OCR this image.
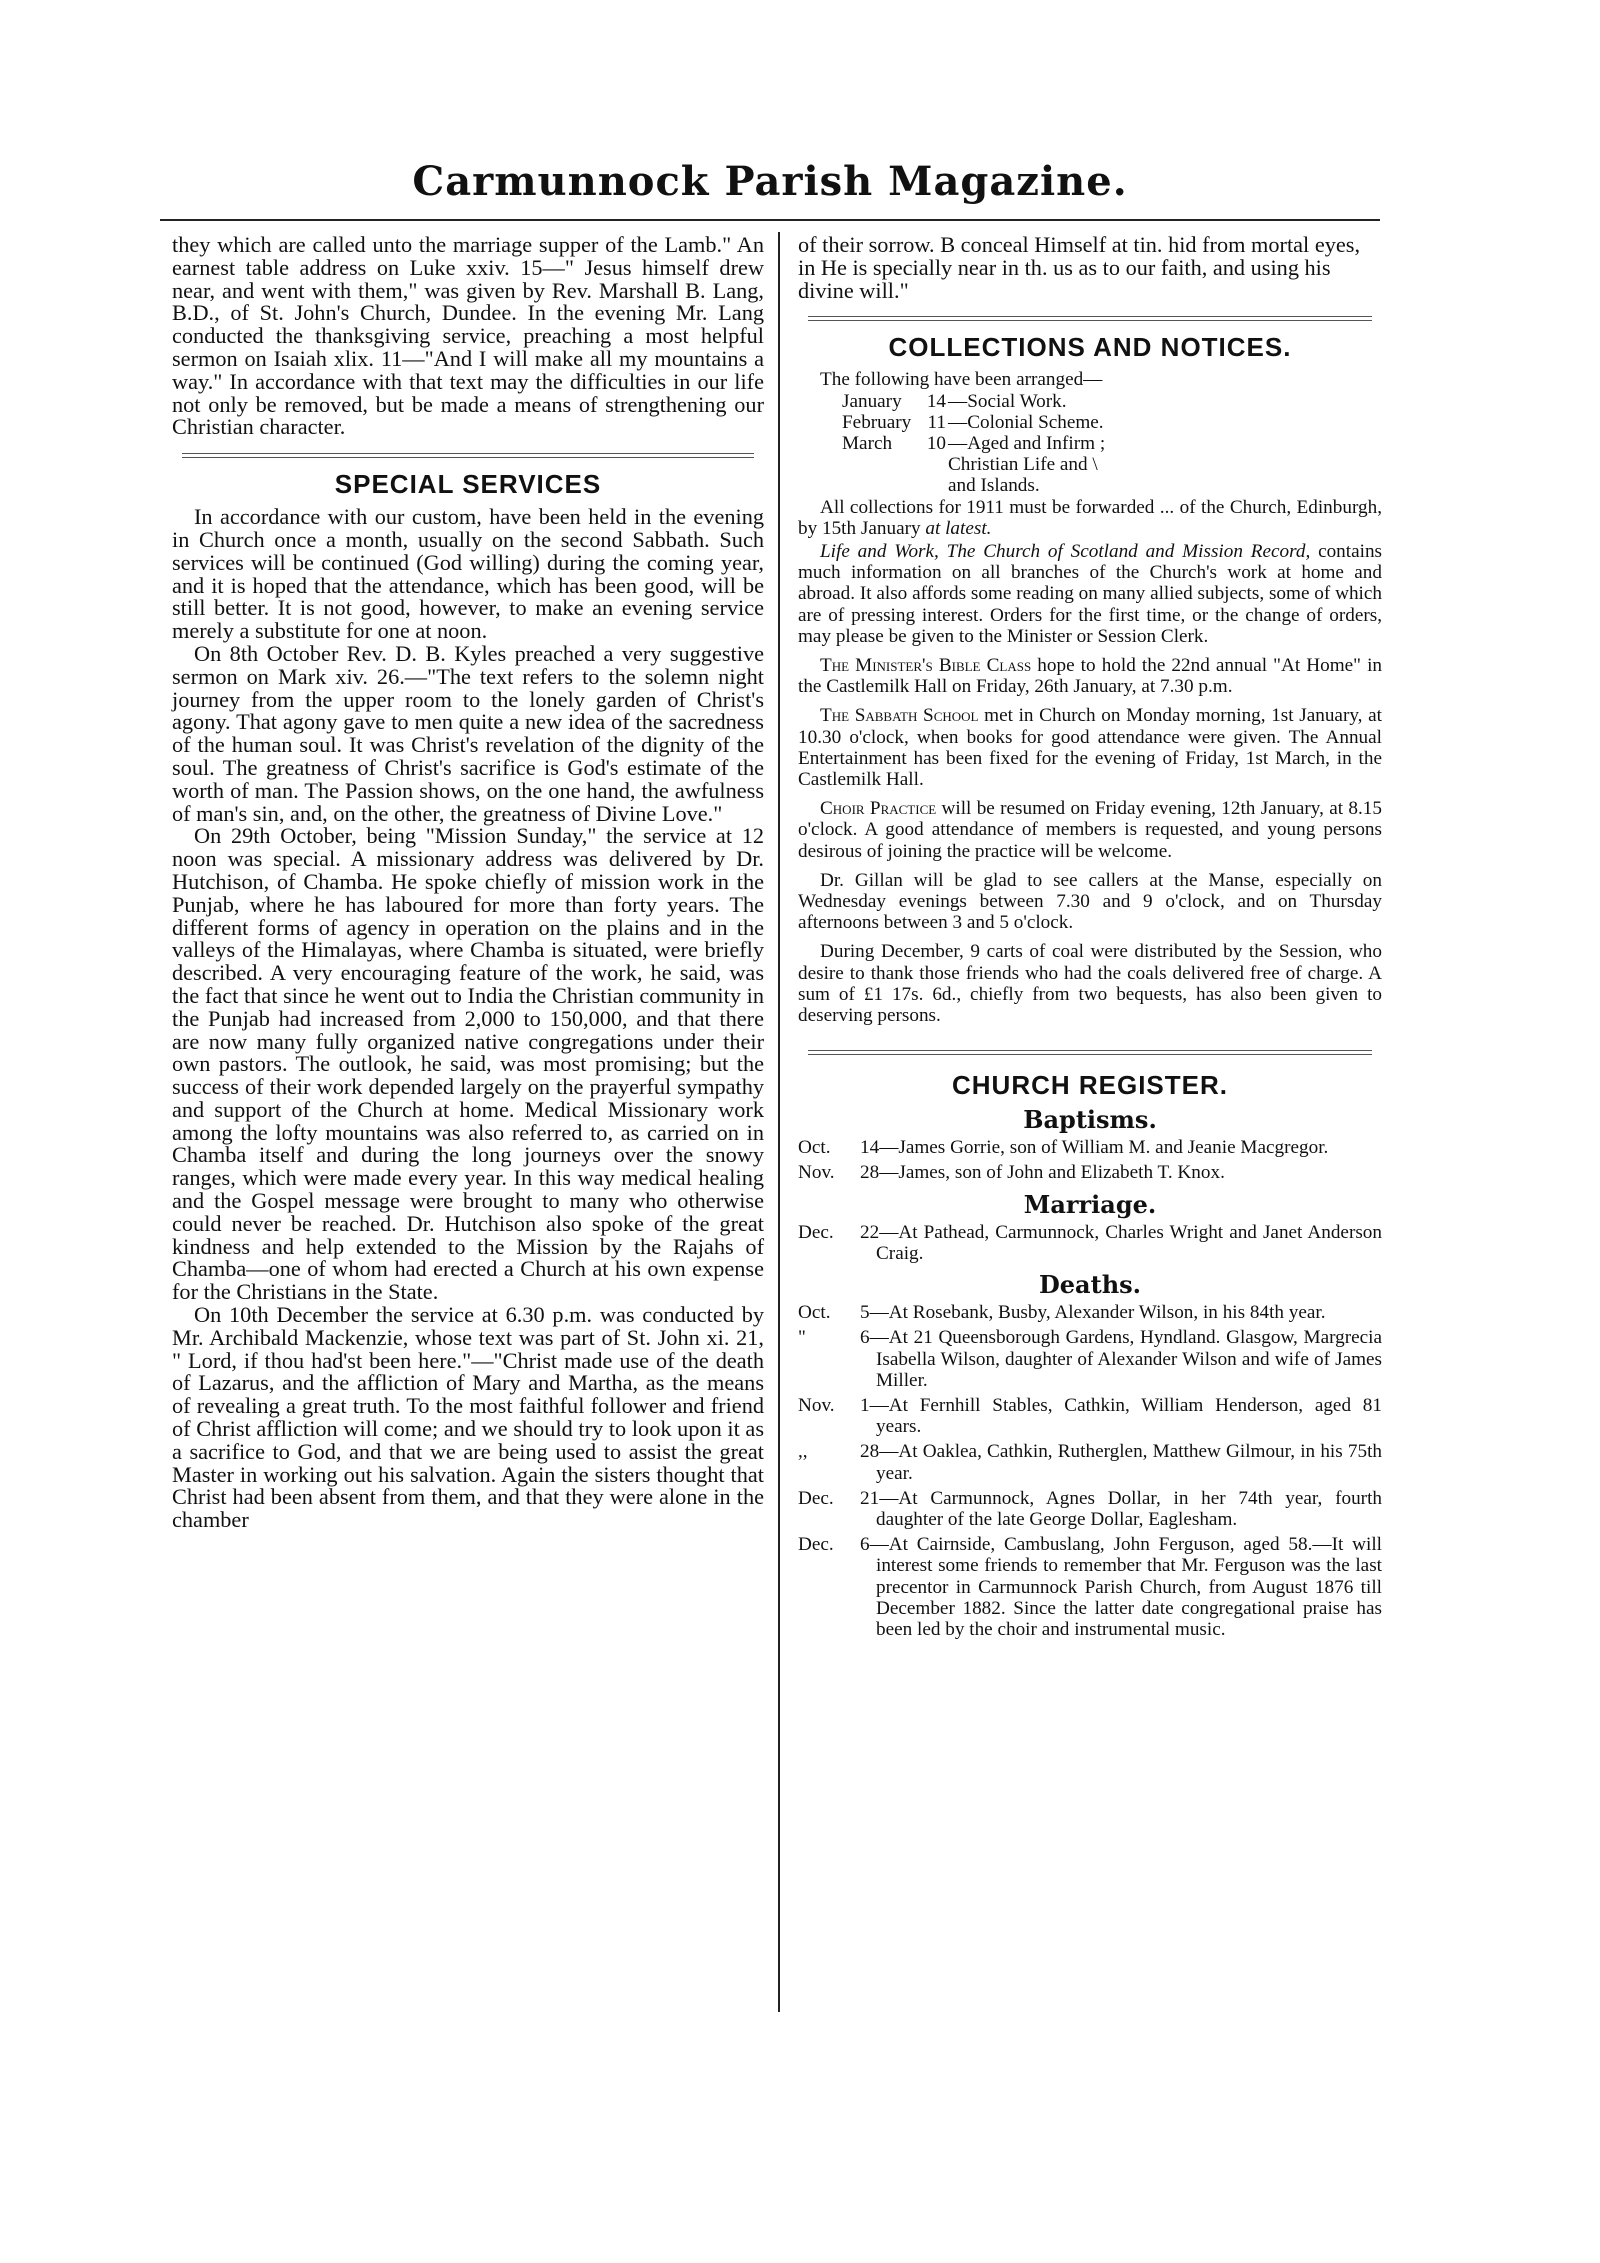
Carmunnock Parish Magazine.

they which are called unto the marriage supper of the Lamb." An earnest table address on Luke xxiv. 15—" Jesus himself drew near, and went with them," was given by Rev. Marshall B. Lang, B.D., of St. John's Church, Dundee. In the evening Mr. Lang conducted the thanksgiving service, preaching a most helpful sermon on Isaiah xlix. 11—"And I will make all my mountains a way." In accordance with that text may the difficulties in our life not only be removed, but be made a means of strengthening our Christian character.

SPECIAL SERVICES

In accordance with our custom, have been held in the evening in Church once a month, usually on the second Sabbath. Such services will be continued (God willing) during the coming year, and it is hoped that the attendance, which has been good, will be still better. It is not good, however, to make an evening service merely a substitute for one at noon.

On 8th October Rev. D. B. Kyles preached a very suggestive sermon on Mark xiv. 26.—"The text refers to the solemn night journey from the upper room to the lonely garden of Christ's agony. That agony gave to men quite a new idea of the sacredness of the human soul. It was Christ's revelation of the dignity of the soul. The greatness of Christ's sacrifice is God's estimate of the worth of man. The Passion shows, on the one hand, the awfulness of man's sin, and, on the other, the greatness of Divine Love."

On 29th October, being "Mission Sunday," the service at 12 noon was special. A missionary address was delivered by Dr. Hutchison, of Chamba. He spoke chiefly of mission work in the Punjab, where he has laboured for more than forty years. The different forms of agency in operation on the plains and in the valleys of the Himalayas, where Chamba is situated, were briefly described. A very encouraging feature of the work, he said, was the fact that since he went out to India the Christian community in the Punjab had increased from 2,000 to 150,000, and that there are now many fully organized native congregations under their own pastors. The outlook, he said, was most promising; but the success of their work depended largely on the prayerful sympathy and support of the Church at home. Medical Missionary work among the lofty mountains was also referred to, as carried on in Chamba itself and during the long journeys over the snowy ranges, which were made every year. In this way medical healing and the Gospel message were brought to many who otherwise could never be reached. Dr. Hutchison also spoke of the great kindness and help extended to the Mission by the Rajahs of Chamba—one of whom had erected a Church at his own expense for the Christians in the State.

On 10th December the service at 6.30 p.m. was conducted by Mr. Archibald Mackenzie, whose text was part of St. John xi. 21, " Lord, if thou had'st been here."—"Christ made use of the death of Lazarus, and the affliction of Mary and Martha, as the means of revealing a great truth. To the most faithful follower and friend of Christ affliction will come; and we should try to look upon it as a sacrifice to God, and that we are being used to assist the great Master in working out his salvation. Again the sisters thought that Christ had been absent from them, and that they were alone in the chamber

of their sorrow. B conceal Himself at tin. hid from mortal eyes, in He is specially near in th. us as to our faith, and using his divine will."

COLLECTIONS AND NOTICES.

The following have been arranged—

January	14 —Social Work.
February 11 —Colonial Scheme.
March	10 —Aged and Infirm ;
Christian Life and \
and Islands.

All collections for 1911 must be forwarded ... of the Church, Edinburgh, by 15th January at latest.

Life and Work, The Church of Scotland and Mission Record, contains much information on all branches of the Church's work at home and abroad. It also affords some reading on many allied subjects, some of which are of pressing interest. Orders for the first time, or the change of orders, may please be given to the Minister or Session Clerk.

The Minister's Bible Class hope to hold the 22nd annual "At Home" in the Castlemilk Hall on Friday, 26th January, at 7.30 p.m.

The Sabbath School met in Church on Monday morning, 1st January, at 10.30 o'clock, when books for good attendance were given. The Annual Entertainment has been fixed for the evening of Friday, 1st March, in the Castlemilk Hall.

Choir Practice will be resumed on Friday evening, 12th January, at 8.15 o'clock. A good attendance of members is requested, and young persons desirous of joining the practice will be welcome.

Dr. Gillan will be glad to see callers at the Manse, especially on Wednesday evenings between 7.30 and 9 o'clock, and on Thursday afternoons between 3 and 5 o'clock.

During December, 9 carts of coal were distributed by the Session, who desire to thank those friends who had the coals delivered free of charge. A sum of £1 17s. 6d., chiefly from two bequests, has also been given to deserving persons.

CHURCH REGISTER.
Baptisms.
Oct.	14—James Gorrie, son of William M. and Jeanie Macgregor.
Nov.	28—James, son of John and Elizabeth T. Knox.
Marriage.
Dec.	22—At Pathead, Carmunnock, Charles Wright and Janet Anderson Craig.
Deaths.
Oct.	5—At Rosebank, Busby, Alexander Wilson, in his 84th year.
"	6—At 21 Queensborough Gardens, Hyndland. Glasgow, Margrecia Isabella Wilson, daughter of Alexander Wilson and wife of James Miller.
Nov.	1—At Fernhill Stables, Cathkin, William Henderson, aged 81 years.
,,	28—At Oaklea, Cathkin, Rutherglen, Matthew Gilmour, in his 75th year.
Dec.	21—At Carmunnock, Agnes Dollar, in her 74th year, fourth daughter of the late George Dollar, Eaglesham.
Dec.	6—At Cairnside, Cambuslang, John Ferguson, aged 58.—It will interest some friends to remember that Mr. Ferguson was the last precentor in Carmunnock Parish Church, from August 1876 till December 1882. Since the latter date congregational praise has been led by the choir and instrumental music.
